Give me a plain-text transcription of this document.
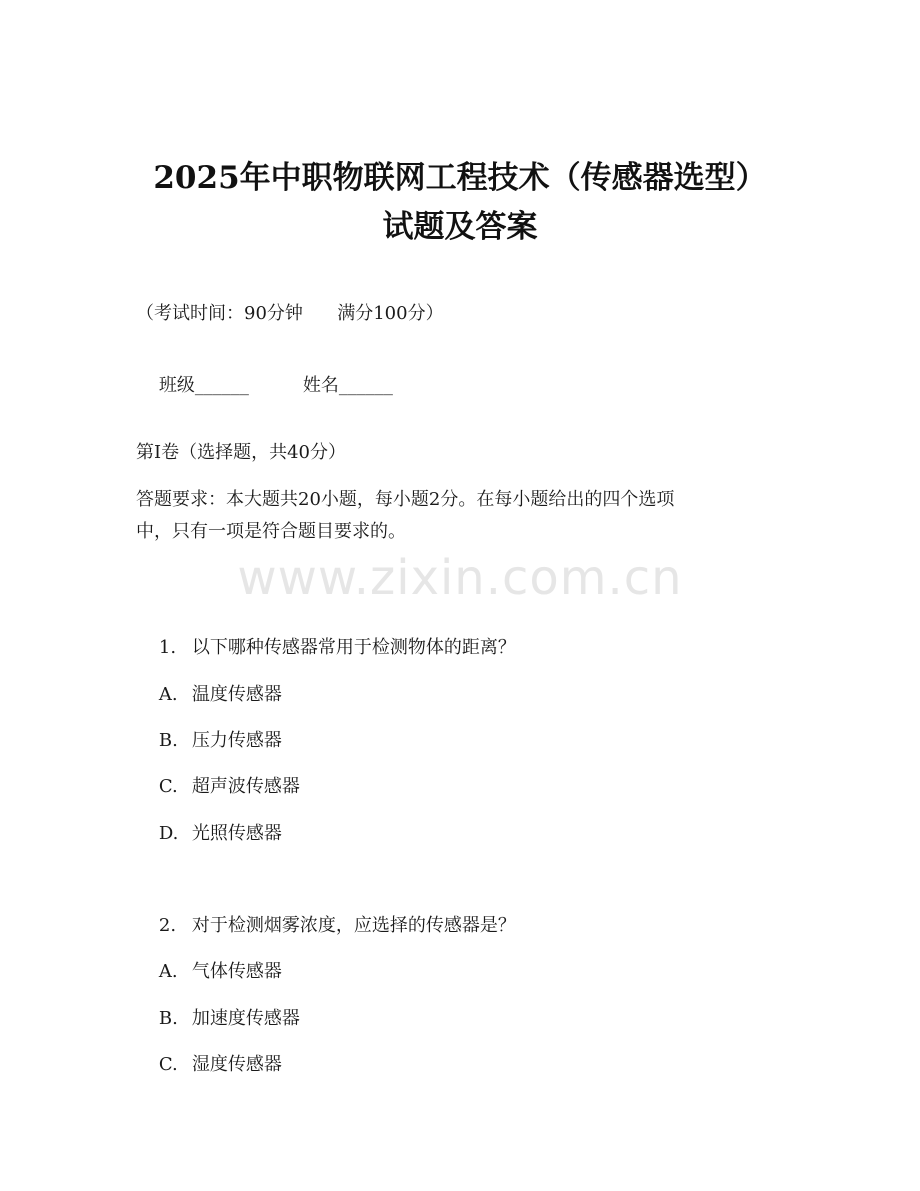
2025年中职物联网工程技术（传感器选型）
试题及答案
（考试时间：90分钟      满分100分）

班级______	姓名______

第I卷（选择题，共40分）
答题要求：本大题共20小题，每小题2分。在每小题给出的四个选项
中，只有一项是符合题目要求的。
www.zixin.com.cn

1. 以下哪种传感器常用于检测物体的距离？

A. 温度传感器

B. 压力传感器

C. 超声波传感器

D. 光照传感器

2. 对于检测烟雾浓度，应选择的传感器是？

A. 气体传感器

B. 加速度传感器

C. 湿度传感器
